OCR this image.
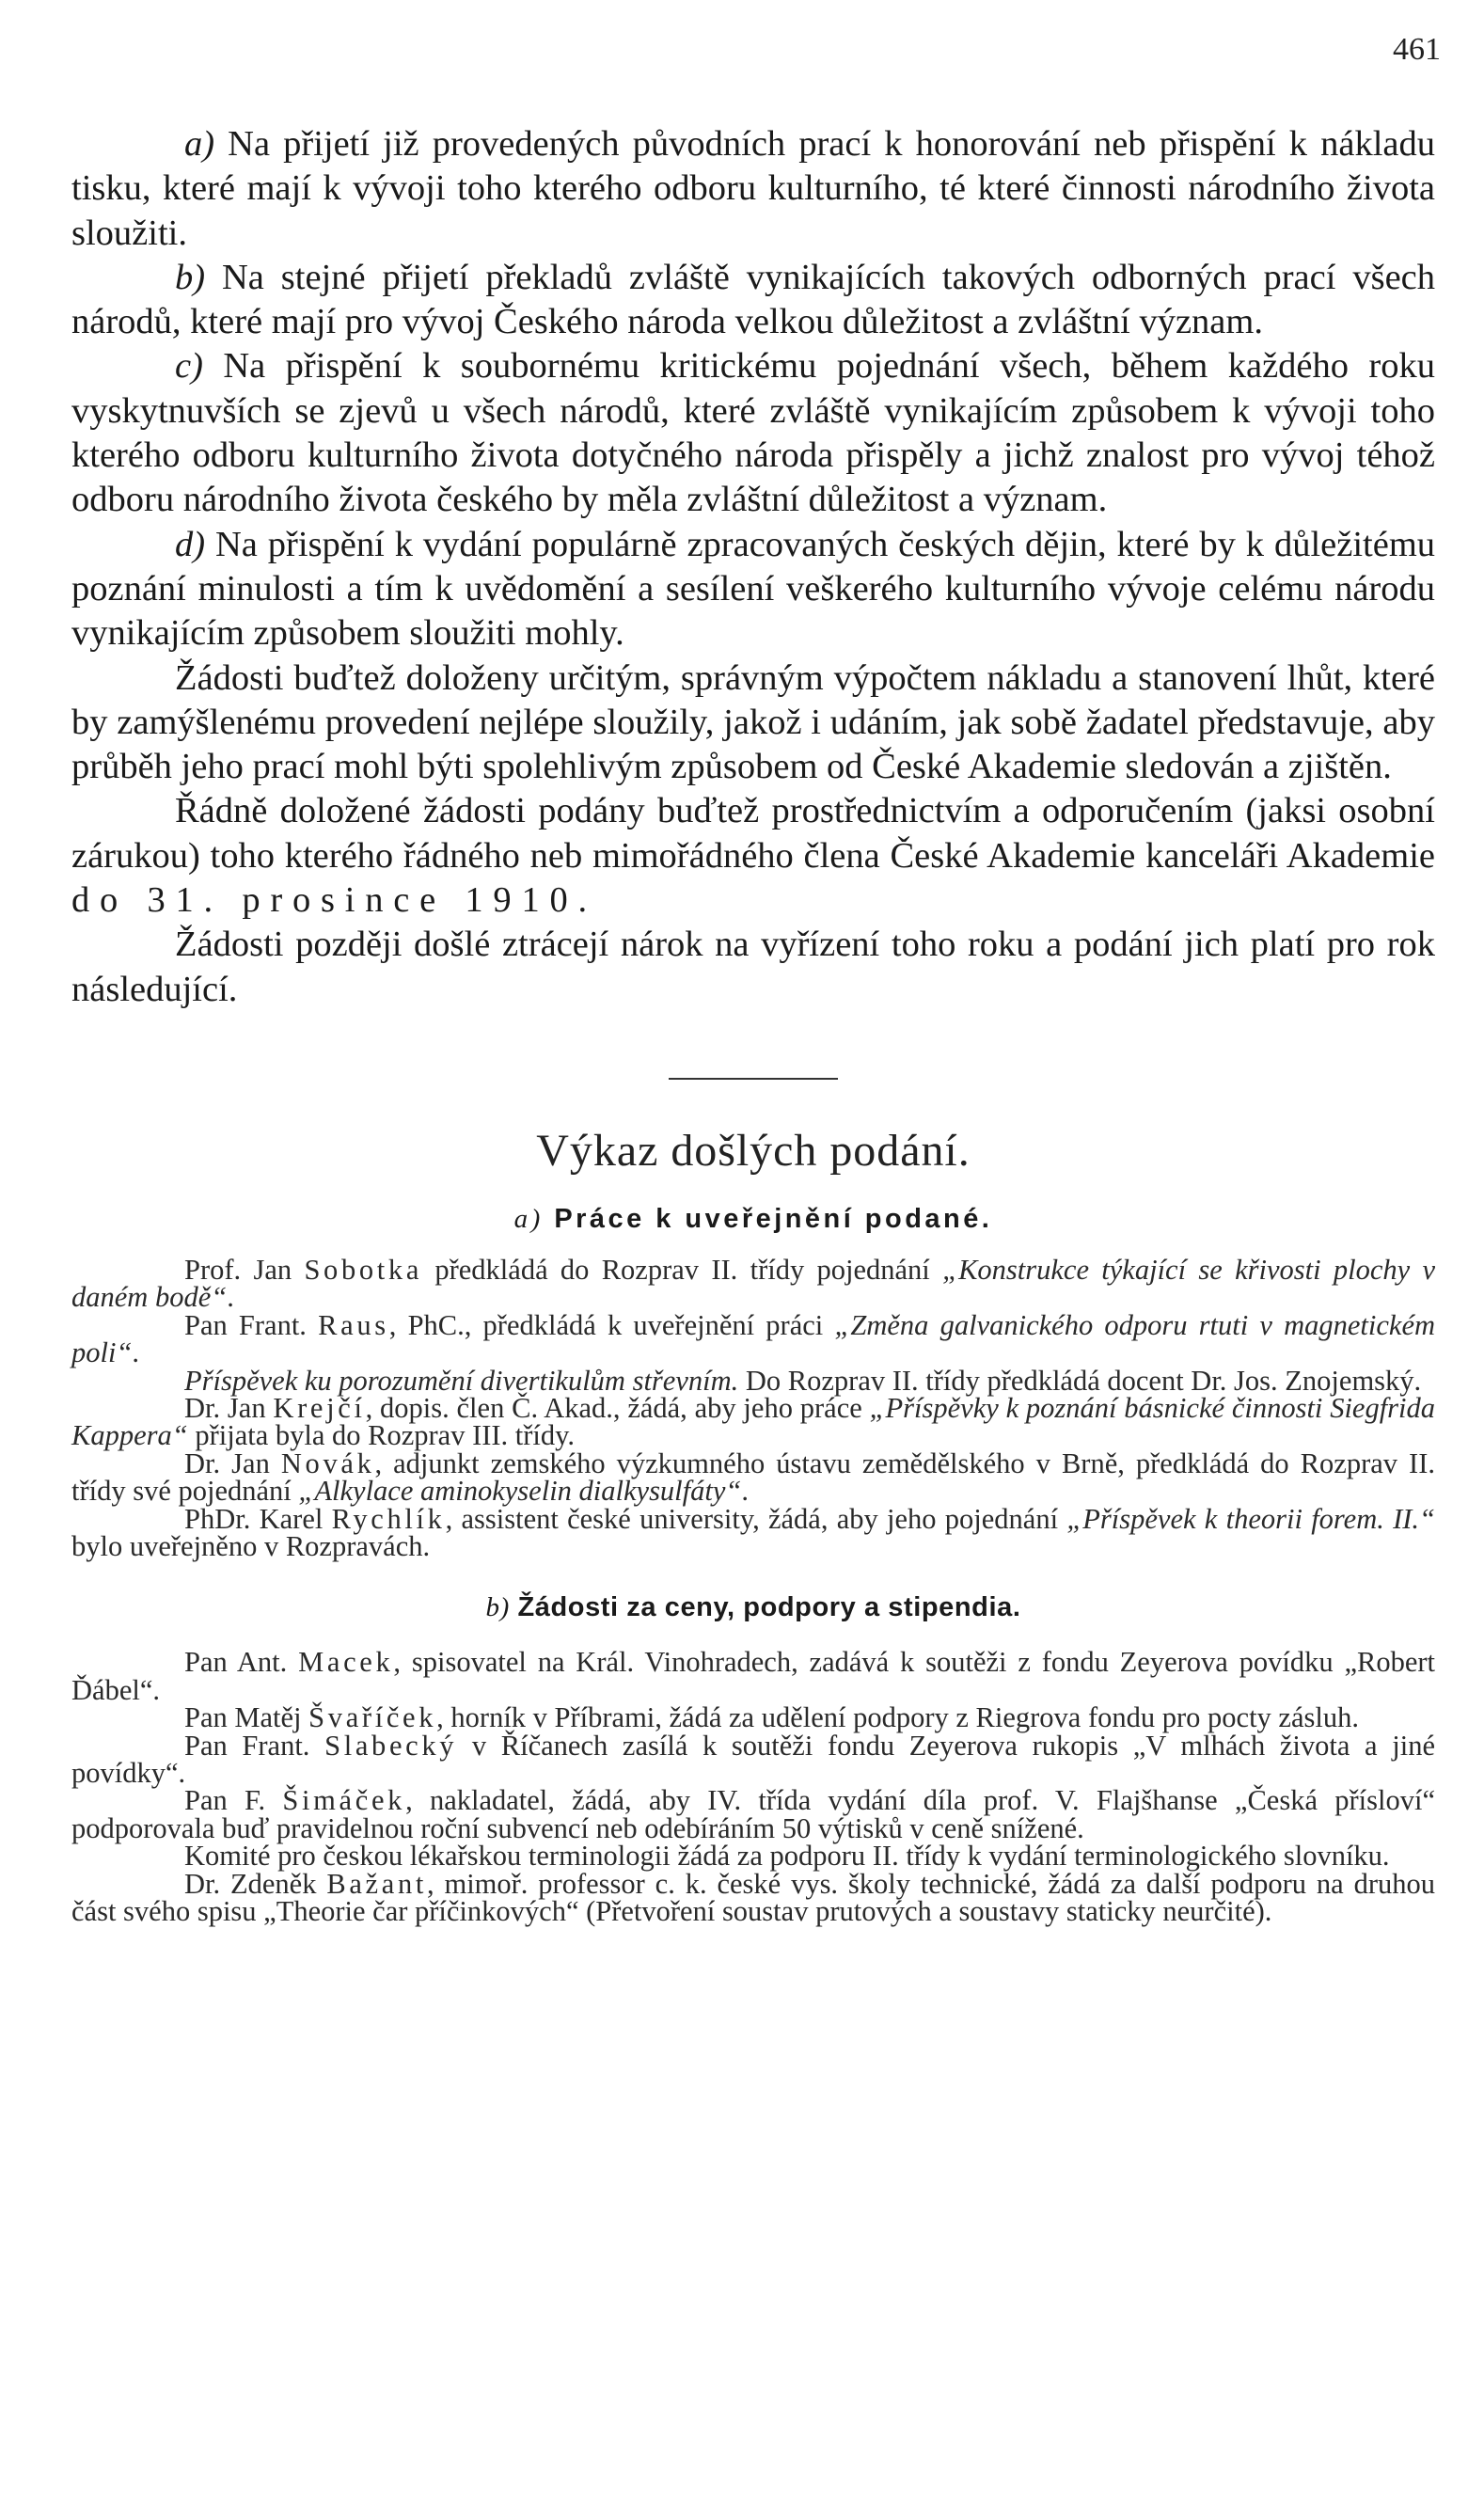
461

a) Na přijetí již provedených původních prací k honorování neb přispění k nákladu tisku, které mají k vývoji toho kterého odboru kulturního, té které činnosti národního života sloužiti.

b) Na stejné přijetí překladů zvláště vynikajících takových odborných prací všech národů, které mají pro vývoj Českého národa velkou důležitost a zvláštní význam.

c) Na přispění k soubornému kritickému pojednání všech, během každého roku vyskytnuvších se zjevů u všech národů, které zvláště vynikajícím způsobem k vývoji toho kterého odboru kulturního života dotyčného národa přispěly a jichž znalost pro vývoj téhož odboru národního života českého by měla zvláštní důležitost a význam.

d) Na přispění k vydání populárně zpracovaných českých dějin, které by k důležitému poznání minulosti a tím k uvědomění a sesílení veškerého kulturního vývoje celému národu vynikajícím způsobem sloužiti mohly.

Žádosti buďtež doloženy určitým, správným výpočtem nákladu a stanovení lhůt, které by zamýšlenému provedení nejlépe sloužily, jakož i udáním, jak sobě žadatel představuje, aby průběh jeho prací mohl býti spolehlivým způsobem od České Akademie sledován a zjištěn.

Řádně doložené žádosti podány buďtež prostřednictvím a odporučením (jaksi osobní zárukou) toho kterého řádného neb mimořádného člena České Akademie kanceláři Akademie do 31. prosince 1910.

Žádosti později došlé ztrácejí nárok na vyřízení toho roku a podání jich platí pro rok následující.

Výkaz došlých podání.
a) Práce k uveřejnění podané.

Prof. Jan Sobotka předkládá do Rozprav II. třídy pojednání „Konstrukce týkající se křivosti plochy v daném bodě“.

Pan Frant. Raus, PhC., předkládá k uveřejnění práci „Změna galvanického odporu rtuti v magnetickém poli“.

Příspěvek ku porozumění divertikulům střevním. Do Rozprav II. třídy předkládá docent Dr. Jos. Znojemský.

Dr. Jan Krejčí, dopis. člen Č. Akad., žádá, aby jeho práce „Příspěvky k poznání básnické činnosti Siegfrida Kappera“ přijata byla do Rozprav III. třídy.

Dr. Jan Novák, adjunkt zemského výzkumného ústavu zemědělského v Brně, předkládá do Rozprav II. třídy své pojednání „Alkylace aminokyselin dialkysulfáty“.

PhDr. Karel Rychlík, assistent české university, žádá, aby jeho pojednání „Příspěvek k theorii forem. II.“ bylo uveřejněno v Rozpravách.

b) Žádosti za ceny, podpory a stipendia.

Pan Ant. Macek, spisovatel na Král. Vinohradech, zadává k soutěži z fondu Zeyerova povídku „Robert Ďábel“.

Pan Matěj Švaříček, horník v Příbrami, žádá za udělení podpory z Riegrova fondu pro pocty zásluh.

Pan Frant. Slabecký v Říčanech zasílá k soutěži fondu Zeyerova rukopis „V mlhách života a jiné povídky“.

Pan F. Šimáček, nakladatel, žádá, aby IV. třída vydání díla prof. V. Flajšhanse „Česká přísloví“ podporovala buď pravidelnou roční subvencí neb odebíráním 50 výtisků v ceně snížené.

Komité pro českou lékařskou terminologii žádá za podporu II. třídy k vydání terminologického slovníku.

Dr. Zdeněk Bažant, mimoř. professor c. k. české vys. školy technické, žádá za další podporu na druhou část svého spisu „Theorie čar příčinkových“ (Přetvoření soustav prutových a soustavy staticky neurčité).
